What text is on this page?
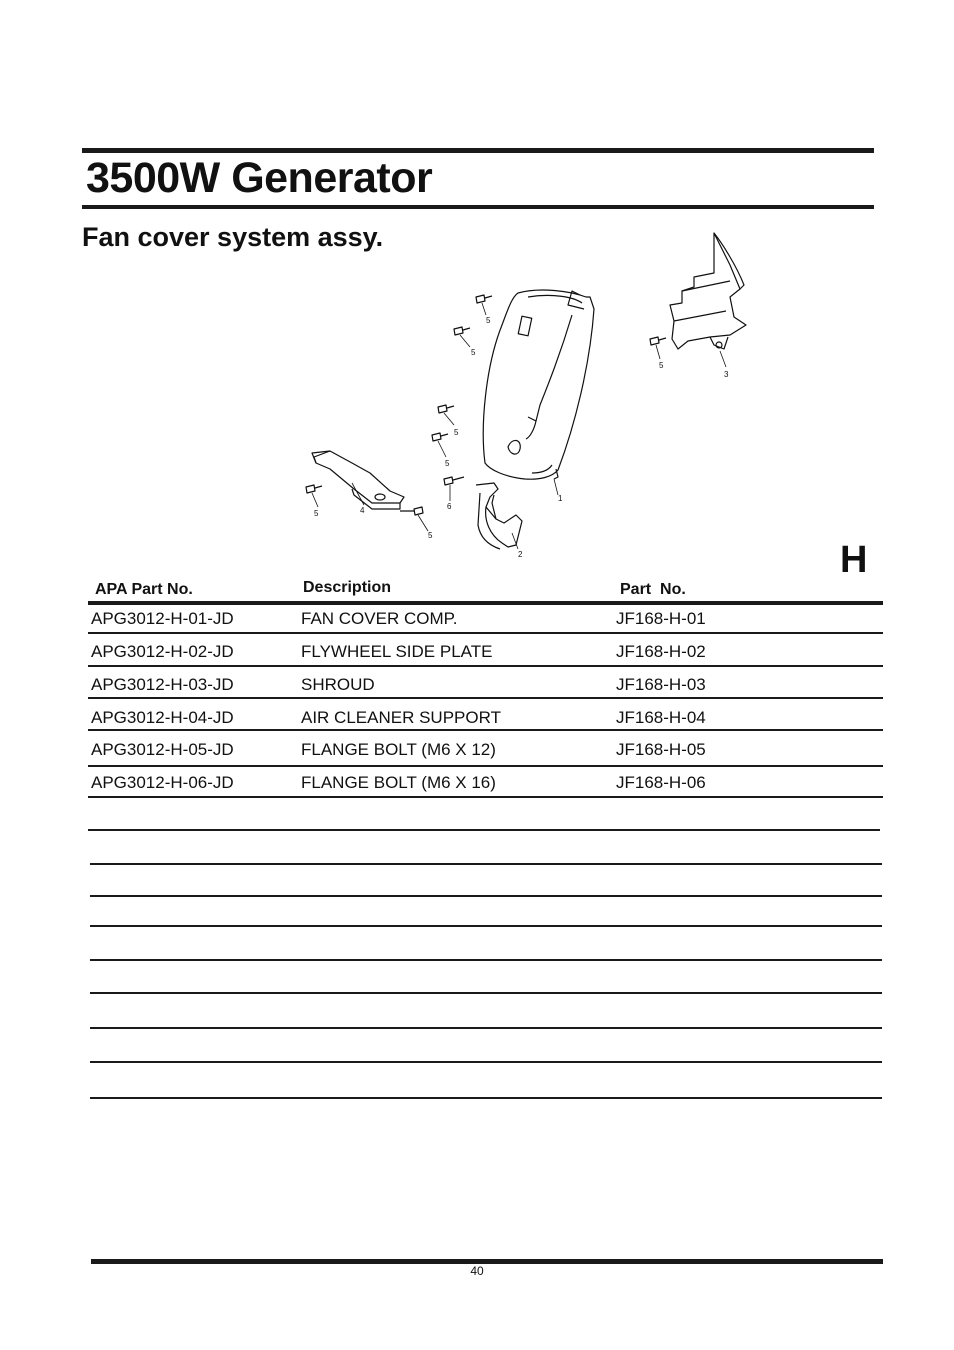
3500W Generator
Fan cover system assy.
1
2
3
4
5
5
5
5
5
5
5
6
H
APA Part No.	Description	Part  No.
APG3012-H-01-JD	FAN COVER COMP.	JF168-H-01
APG3012-H-02-JD	FLYWHEEL SIDE PLATE	JF168-H-02
APG3012-H-03-JD	SHROUD	JF168-H-03
APG3012-H-04-JD	AIR CLEANER SUPPORT	JF168-H-04
APG3012-H-05-JD	FLANGE BOLT (M6 X 12)	JF168-H-05
APG3012-H-06-JD	FLANGE BOLT (M6 X 16)	JF168-H-06
40
